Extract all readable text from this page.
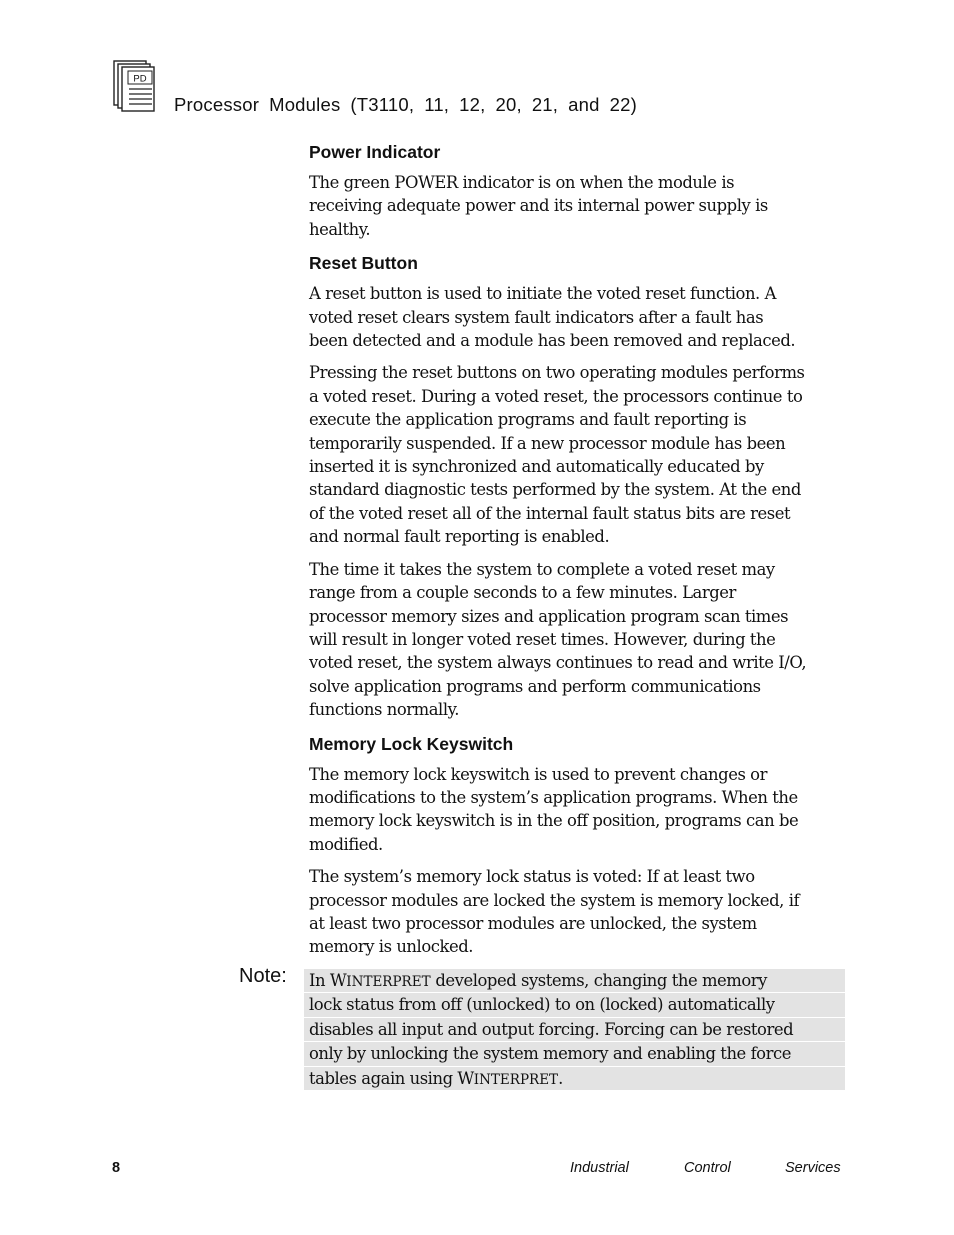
PD
Processor Modules (T3110, 11, 12, 20, 21, and 22)
Power Indicator

The green POWER indicator is on when the module is
receiving adequate power and its internal power supply is
healthy.

Reset Button

A reset button is used to initiate the voted reset function. A
voted reset clears system fault indicators after a fault has
been detected and a module has been removed and replaced.

Pressing the reset buttons on two operating modules performs
a voted reset. During a voted reset, the processors continue to
execute the application programs and fault reporting is
temporarily suspended. If a new processor module has been
inserted it is synchronized and automatically educated by
standard diagnostic tests performed by the system. At the end
of the voted reset all of the internal fault status bits are reset
and normal fault reporting is enabled.

The time it takes the system to complete a voted reset may
range from a couple seconds to a few minutes. Larger
processor memory sizes and application program scan times
will result in longer voted reset times. However, during the
voted reset, the system always continues to read and write I/O,
solve application programs and perform communications
functions normally.

Memory Lock Keyswitch

The memory lock keyswitch is used to prevent changes or
modifications to the system’s application programs. When the
memory lock keyswitch is in the off position, programs can be
modified.

The system’s memory lock status is voted: If at least two
processor modules are locked the system is memory locked, if
at least two processor modules are unlocked, the system
memory is unlocked.

Note:	In WINTERPRET developed systems, changing the memory
lock status from off (unlocked) to on (locked) automatically
disables all input and output forcing. Forcing can be restored
only by unlocking the system memory and enabling the force
tables again using WINTERPRET.
8	Industrial	Control	Services
